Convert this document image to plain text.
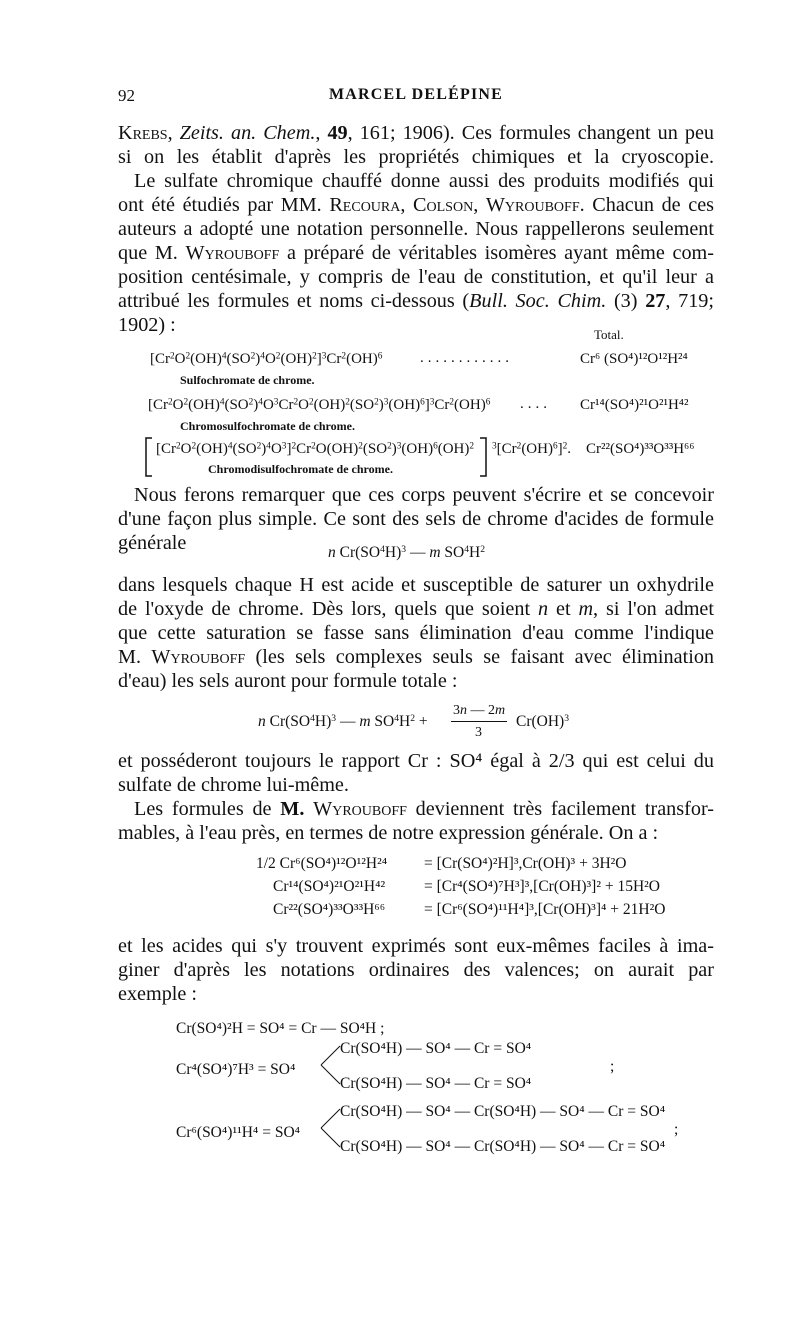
92	MARCEL DELÉPINE
Krebs, Zeits. an. Chem., 49, 161; 1906). Ces formules changent un peu
si on les établit d'après les propriétés chimiques et la cryoscopie.
Le sulfate chromique chauffé donne aussi des produits modifiés qui
ont été étudiés par MM. Recoura, Colson, Wyrouboff. Chacun de ces
auteurs a adopté une notation personnelle. Nous rappellerons seulement
que M. Wyrouboff a préparé de véritables isomères ayant même com-
position centésimale, y compris de l'eau de constitution, et qu'il leur a
attribué les formules et noms ci-dessous (Bull. Soc. Chim. (3) 27, 719;
1902) :	Total.
$[Cr^2O^2(OH)^4(SO^2)^4O^2(OH)^2]^3Cr^2(OH)^6$	............	Cr⁶ (SO⁴)¹²O¹²H²⁴
Sulfochromate de chrome.
$[Cr^2O^2(OH)^4(SO^2)^4O^3Cr^2O^2(OH)^2(SO^2)^3(OH)^6]^3Cr^2(OH)^6$ .... Cr¹⁴(SO⁴)²¹O²¹H⁴²
Chromosulfochromate de chrome.
$[Cr^2O^2(OH)^4(SO^2)^4O^3]^2Cr^2O(OH)^2(SO^2)^3(OH)^6(OH)^2$ $^3[Cr^2(OH)^6]^2$. Cr²²(SO⁴)³³O³³H⁶⁶
Chromodisulfochromate de chrome.
Nous ferons remarquer que ces corps peuvent s'écrire et se concevoir
d'une façon plus simple. Ce sont des sels de chrome d'acides de formule
générale	n $Cr(SO^4H)^3$ — m $SO^4H^2$
dans lesquels chaque H est acide et susceptible de saturer un oxhydrile
de l'oxyde de chrome. Dès lors, quels que soient n et m, si l'on admet
que cette saturation se fasse sans élimination d'eau comme l'indique
M. Wyrouboff (les sels complexes seuls se faisant avec élimination
d'eau) les sels auront pour formule totale :
n $Cr(SO^4H)^3$ — m $SO^4H^2$ +
3n — 2m
3
Cr(OH)$^3$
et posséderont toujours le rapport Cr : SO⁴ égal à 2/3 qui est celui du
sulfate de chrome lui-même.
Les formules de M. Wyrouboff deviennent très facilement transfor-
mables, à l'eau près, en termes de notre expression générale. On a :
1/2 Cr⁶(SO⁴)¹²O¹²H²⁴ = [Cr(SO⁴)²H]³,Cr(OH)³ + 3H²O
Cr¹⁴(SO⁴)²¹O²¹H⁴²	= [Cr⁴(SO⁴)⁷H³]³,[Cr(OH)³]² + 15H²O
Cr²²(SO⁴)³³O³³H⁶⁶	= [Cr⁶(SO⁴)¹¹H⁴]³,[Cr(OH)³]⁴ + 21H²O
et les acides qui s'y trouvent exprimés sont eux-mêmes faciles à ima-
giner d'après les notations ordinaires des valences; on aurait par
exemple :
Cr(SO⁴)²H = SO⁴ = Cr — SO⁴H ;
Cr⁴(SO⁴)⁷H³ = SO⁴
Cr(SO⁴H) — SO⁴ — Cr = SO⁴
Cr(SO⁴H) — SO⁴ — Cr = SO⁴
;
Cr⁶(SO⁴)¹¹H⁴ = SO⁴
Cr(SO⁴H) — SO⁴ — Cr(SO⁴H) — SO⁴ — Cr = SO⁴
Cr(SO⁴H) — SO⁴ — Cr(SO⁴H) — SO⁴ — Cr = SO⁴
;
